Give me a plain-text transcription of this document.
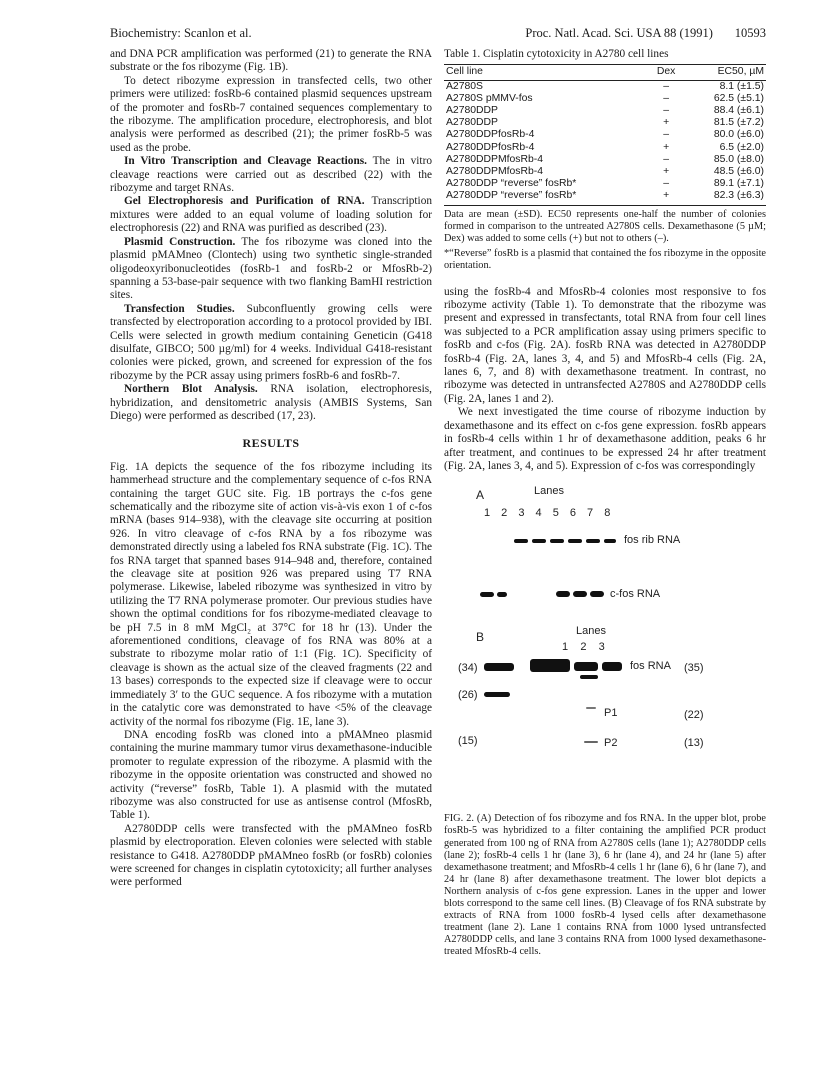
Biochemistry: Scanlon et al.	Proc. Natl. Acad. Sci. USA 88 (1991) 10593

and DNA PCR amplification was performed (21) to generate the RNA substrate or the fos ribozyme (Fig. 1B).

To detect ribozyme expression in transfected cells, two other primers were utilized: fosRb-6 contained plasmid sequences upstream of the promoter and fosRb-7 contained sequences complementary to the ribozyme. The amplification procedure, electrophoresis, and blot analysis were performed as described (21); the primer fosRb-5 was used as the probe.

In Vitro Transcription and Cleavage Reactions. The in vitro cleavage reactions were carried out as described (22) with the ribozyme and target RNAs.

Gel Electrophoresis and Purification of RNA. Transcription mixtures were added to an equal volume of loading solution for electrophoresis (22) and RNA was purified as described (23).

Plasmid Construction. The fos ribozyme was cloned into the plasmid pMAMneo (Clontech) using two synthetic single-stranded oligodeoxyribonucleotides (fosRb-1 and fosRb-2 or MfosRb-2) spanning a 53-base-pair sequence with two flanking BamHI restriction sites.

Transfection Studies. Subconfluently growing cells were transfected by electroporation according to a protocol provided by IBI. Cells were selected in growth medium containing Geneticin (G418 disulfate, GIBCO; 500 µg/ml) for 4 weeks. Individual G418-resistant colonies were picked, grown, and screened for expression of the fos ribozyme by the PCR assay using primers fosRb-6 and fosRb-7.

Northern Blot Analysis. RNA isolation, electrophoresis, hybridization, and densitometric analysis (AMBIS Systems, San Diego) were performed as described (17, 23).

RESULTS

Fig. 1A depicts the sequence of the fos ribozyme including its hammerhead structure and the complementary sequence of c-fos RNA containing the target GUC site. Fig. 1B portrays the c-fos gene schematically and the ribozyme site of action vis-à-vis exon 1 of c-fos mRNA (bases 914–938), with the cleavage site occurring at position 926. In vitro cleavage of c-fos RNA by a fos ribozyme was demonstrated directly using a labeled fos RNA substrate (Fig. 1C). The fos RNA target that spanned bases 914–948 and, therefore, contained the cleavage site at position 926 was prepared using T7 RNA polymerase. Likewise, labeled ribozyme was synthesized in vitro by utilizing the T7 RNA polymerase promoter. Our previous studies have shown the optimal conditions for fos ribozyme-mediated cleavage to be pH 7.5 in 8 mM MgCl₂ at 37°C for 18 hr (13). Under the aforementioned conditions, cleavage of fos RNA was 80% at a substrate to ribozyme molar ratio of 1:1 (Fig. 1C). Specificity of cleavage is shown as the actual size of the cleaved fragments (22 and 13 bases) corresponds to the expected size if cleavage were to occur immediately 3′ to the GUC sequence. A fos ribozyme with a mutation in the catalytic core was demonstrated to have <5% of the cleavage activity of the normal fos ribozyme (Fig. 1E, lane 3).

DNA encoding fosRb was cloned into a pMAMneo plasmid containing the murine mammary tumor virus dexamethasone-inducible promoter to regulate expression of the ribozyme. A plasmid with the ribozyme in the opposite orientation was constructed and showed no activity (“reverse” fosRb, Table 1). A plasmid with the mutated ribozyme was also constructed for use as antisense control (MfosRb, Table 1).

A2780DDP cells were transfected with the pMAMneo fosRb plasmid by electroporation. Eleven colonies were selected with stable resistance to G418. A2780DDP pMAMneo fosRb (or fosRb) colonies were screened for changes in cisplatin cytotoxicity; all further analyses were performed

Table 1. Cisplatin cytotoxicity in A2780 cell lines
Cell line	Dex	EC50, µM
A2780S	–	8.1 (±1.5)
A2780S pMMV-fos	–	62.5 (±5.1)
A2780DDP	–	88.4 (±6.1)
A2780DDP	+	81.5 (±7.2)
A2780DDPfosRb-4	–	80.0 (±6.0)
A2780DDPfosRb-4	+	6.5 (±2.0)
A2780DDPMfosRb-4	–	85.0 (±8.0)
A2780DDPMfosRb-4	+	48.5 (±6.0)
A2780DDP “reverse” fosRb*	–	89.1 (±7.1)
A2780DDP “reverse” fosRb*	+	82.3 (±6.3)
Data are mean (±SD). EC50 represents one-half the number of colonies formed in comparison to the untreated A2780S cells. Dexamethasone (5 µM; Dex) was added to some cells (+) but not to others (–).
*“Reverse” fosRb is a plasmid that contained the fos ribozyme in the opposite orientation.

using the fosRb-4 and MfosRb-4 colonies most responsive to fos ribozyme activity (Table 1). To demonstrate that the ribozyme was present and expressed in transfectants, total RNA from four cell lines was subjected to a PCR amplification assay using primers specific to fosRb and c-fos (Fig. 2A). fosRb RNA was detected in A2780DDP fosRb-4 (Fig. 2A, lanes 3, 4, and 5) and MfosRb-4 cells (Fig. 2A, lanes 6, 7, and 8) with dexamethasone treatment. In contrast, no ribozyme was detected in untransfected A2780S and A2780DDP cells (Fig. 2A, lanes 1 and 2).

We next investigated the time course of ribozyme induction by dexamethasone and its effect on c-fos gene expression. fosRb appears in fosRb-4 cells within 1 hr of dexamethasone addition, peaks 6 hr after treatment, and continues to be expressed 24 hr after treatment (Fig. 2A, lanes 3, 4, and 5). Expression of c-fos was correspondingly

A	Lanes
1 2 3 4 5 6 7 8
fos rib RNA
c-fos RNA
B	Lanes
1    2    3
(34)	fos RNA (35)
(26)
P1	(22)
(15)	P2	(13)
FIG. 2. (A) Detection of fos ribozyme and fos RNA. In the upper blot, probe fosRb-5 was hybridized to a filter containing the amplified PCR product generated from 100 ng of RNA from A2780S cells (lane 1); A2780DDP cells (lane 2); fosRb-4 cells 1 hr (lane 3), 6 hr (lane 4), and 24 hr (lane 5) after dexamethasone treatment; and MfosRb-4 cells 1 hr (lane 6), 6 hr (lane 7), and 24 hr (lane 8) after dexamethasone treatment. The lower blot depicts a Northern analysis of c-fos gene expression. Lanes in the upper and lower blots correspond to the same cell lines. (B) Cleavage of fos RNA substrate by extracts of RNA from 1000 fosRb-4 lysed cells after dexamethasone treatment (lane 2). Lane 1 contains RNA from 1000 lysed untransfected A2780DDP cells, and lane 3 contains RNA from 1000 lysed dexamethasone-treated MfosRb-4 cells.
